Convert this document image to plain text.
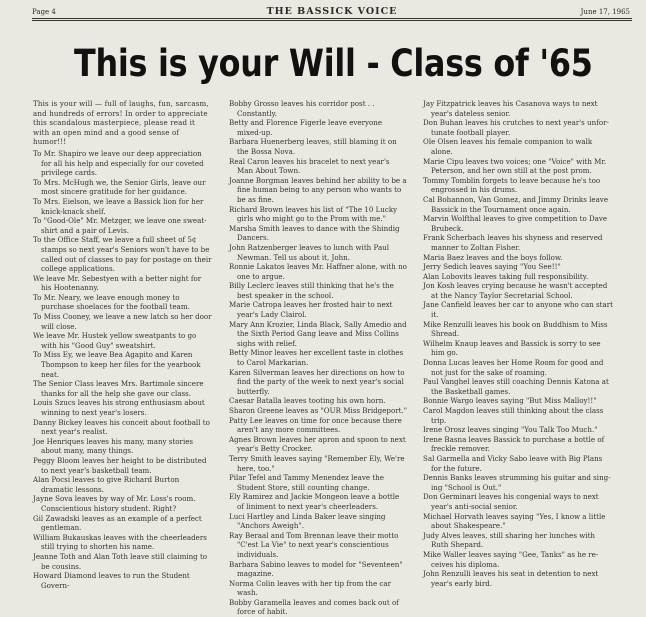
Page 4	THE BASSICK VOICE	June 17, 1965
This is your Will - Class of '65

This is your will — full of laughs, fun, sarcasm, and hundreds of errors! In order to appreciate this scandalous masterpiece, please read it with an open mind and a good sense of humor!!!

To Mr. Shapiro we leave our deep appreciation for all his help and especially for our coveted privilege cards.

To Mrs. McHugh we, the Senior Girls, leave our most sincere gratitude for her guidance.

To Mrs. Eielson, we leave a Bassick lion for her knick-knack shelf.

To "Good-Ole" Mr. Metzger, we leave one sweatshirt and a pair of Levis.

To the Office Staff, we leave a full sheet of 5¢ stamps so next year's Seniors won't have to be called out of classes to pay for postage on their college applications.

We leave Mr. Sebestyen with a better night for his Hootenanny.

To Mr. Neary, we leave enough money to purchase shoelaces for the football team.

To Miss Cooney, we leave a new latch so her door will close.

We leave Mr. Hustek yellow sweatpants to go with his "Good Guy" sweatshirt.

To Miss Ey, we leave Bea Agapito and Karen Thompson to keep her files for the yearbook neat.

The Senior Class leaves Mrs. Bartimole sincere thanks for all the help she gave our class.

Louis Szucs leaves his strong enthusiasm about winning to next year's losers.

Danny Bickey leaves his conceit about football to next year's realist.

Joe Henriques leaves his many, many stories about many, many things.

Peggy Bloom leaves her height to be distributed to next year's basketball team.

Alan Pocsi leaves to give Richard Burton dramatic lessons.

Jayne Sova leaves by way of Mr. Loss's room. Conscientious history student. Right?

Gil Zawadski leaves as an example of a perfect gentleman.

William Bukauskas leaves with the cheerleaders still trying to shorten his name.

Jeanne Toth and Alan Toth leave still claiming to be cousins.

Howard Diamond leaves to run the Student Govern-

Bobby Grosso leaves his corridor post . . Constantly.

Betty and Florence Figerle leave everyone mixed-up.

Barbara Huenerberg leaves, still blaming it on the Bossa Nova.

Real Caron leaves his bracelet to next year's Man About Town.

Joanne Borgman leaves behind her ability to be a fine human being to any person who wants to be as fine.

Richard Brown leaves his list of "The 10 Lucky girls who might go to the Prom with me."

Marsha Smith leaves to dance with the Shindig Dancers.

John Ratzenberger leaves to lunch with Paul Newman. Tell us about it, John.

Ronnie Lakatos leaves Mr. Haffner alone, with no one to argue.

Billy Leclerc leaves still thinking that he's the best speaker in the school.

Marie Catropa leaves her frosted hair to next year's Lady Clairol.

Mary Ann Krozier, Linda Black, Sally Amedio and the Sixth Period Gang leave and Miss Collins sighs with relief.

Betty Minor leaves her excellent taste in clothes to Carol Markarian.

Karen Silverman leaves her directions on how to find the party of the week to next year's social butterfly.

Caesar Batalla leaves tooting his own horn.

Sharon Greene leaves as "OUR Miss Bridgeport."

Patty Lee leaves on time for once because there aren't any more committees.

Agnes Brown leaves her apron and spoon to next year's Betty Crocker.

Terry Smith leaves saying "Remember Ely, We're here, too."

Pilar Tefel and Tammy Menendez leave the Student Store, still counting change.

Ely Ramirez and Jackie Mongeon leave a bottle of liniment to next year's cheerleaders.

Luci Hartley and Linda Baker leave singing "Anchors Aweigh".

Ray Beraal and Tom Brennan leave their motto "C'est La Vie" to next year's conscientious individuals.

Barbara Sabino leaves to model for "Seventeen" magazine.

Norma Colin leaves with her tip from the car wash.

Bobby Garamella leaves and comes back out of force of habit.

Jay Fitzpatrick leaves his Casanova ways to next year's dateless senior.

Don Buhan leaves his crutches to next year's unfortunate football player.

Ole Olsen leaves his female companion to walk alone.

Marie Cipu leaves two voices; one "Voice" with Mr. Peterson, and her own still at the post prom.

Tommy Tomblin forgets to leave because he's too engrossed in his drums.

Cal Bohannon, Van Gomez, and Jimmy Drinks leave Bassick in the Tournament once again.

Marvin Wolfthal leaves to give competition to Dave Brubeck.

Frank Scherbach leaves his shyness and reserved manner to Zoltan Fisher.

Maria Baez leaves and the boys follow.

Jerry Sedich leaves saying "You See!!"

Alan Lobovits leaves taking full responsibility.

Jon Kosh leaves crying because he wasn't accepted at the Nancy Taylor Secretarial School.

Jane Canfield leaves her car to anyone who can start it.

Mike Renzulli leaves his book on Buddhism to Miss Shread.

Wilhelm Knaup leaves and Bassick is sorry to see him go.

Donna Lucas leaves her Home Room for good and not just for the sake of roaming.

Paul Vanghel leaves still coaching Dennis Katona at the Basketball games.

Bonnie Wargo leaves saying "But Miss Malloy!!"

Carol Magdon leaves still thinking about the class trip.

Irene Orosz leaves singing "You Talk Too Much."

Irene Basna leaves Bassick to purchase a bottle of freckle remover.

Sal Garmella and Vicky Sabo leave with Big Plans for the future.

Dennis Banks leaves strumming his guitar and singing "School is Out."

Don Germinari leaves his congenial ways to next year's anti-social senior.

Michael Horvath leaves saying "Yes, I know a little about Shakespeare."

Judy Alves leaves, still sharing her lunches with Ruth Shepard.

Mike Waller leaves saying "Gee, Tanks" as he receives his diploma.

John Renzulli leaves his seat in detention to next year's early bird.
